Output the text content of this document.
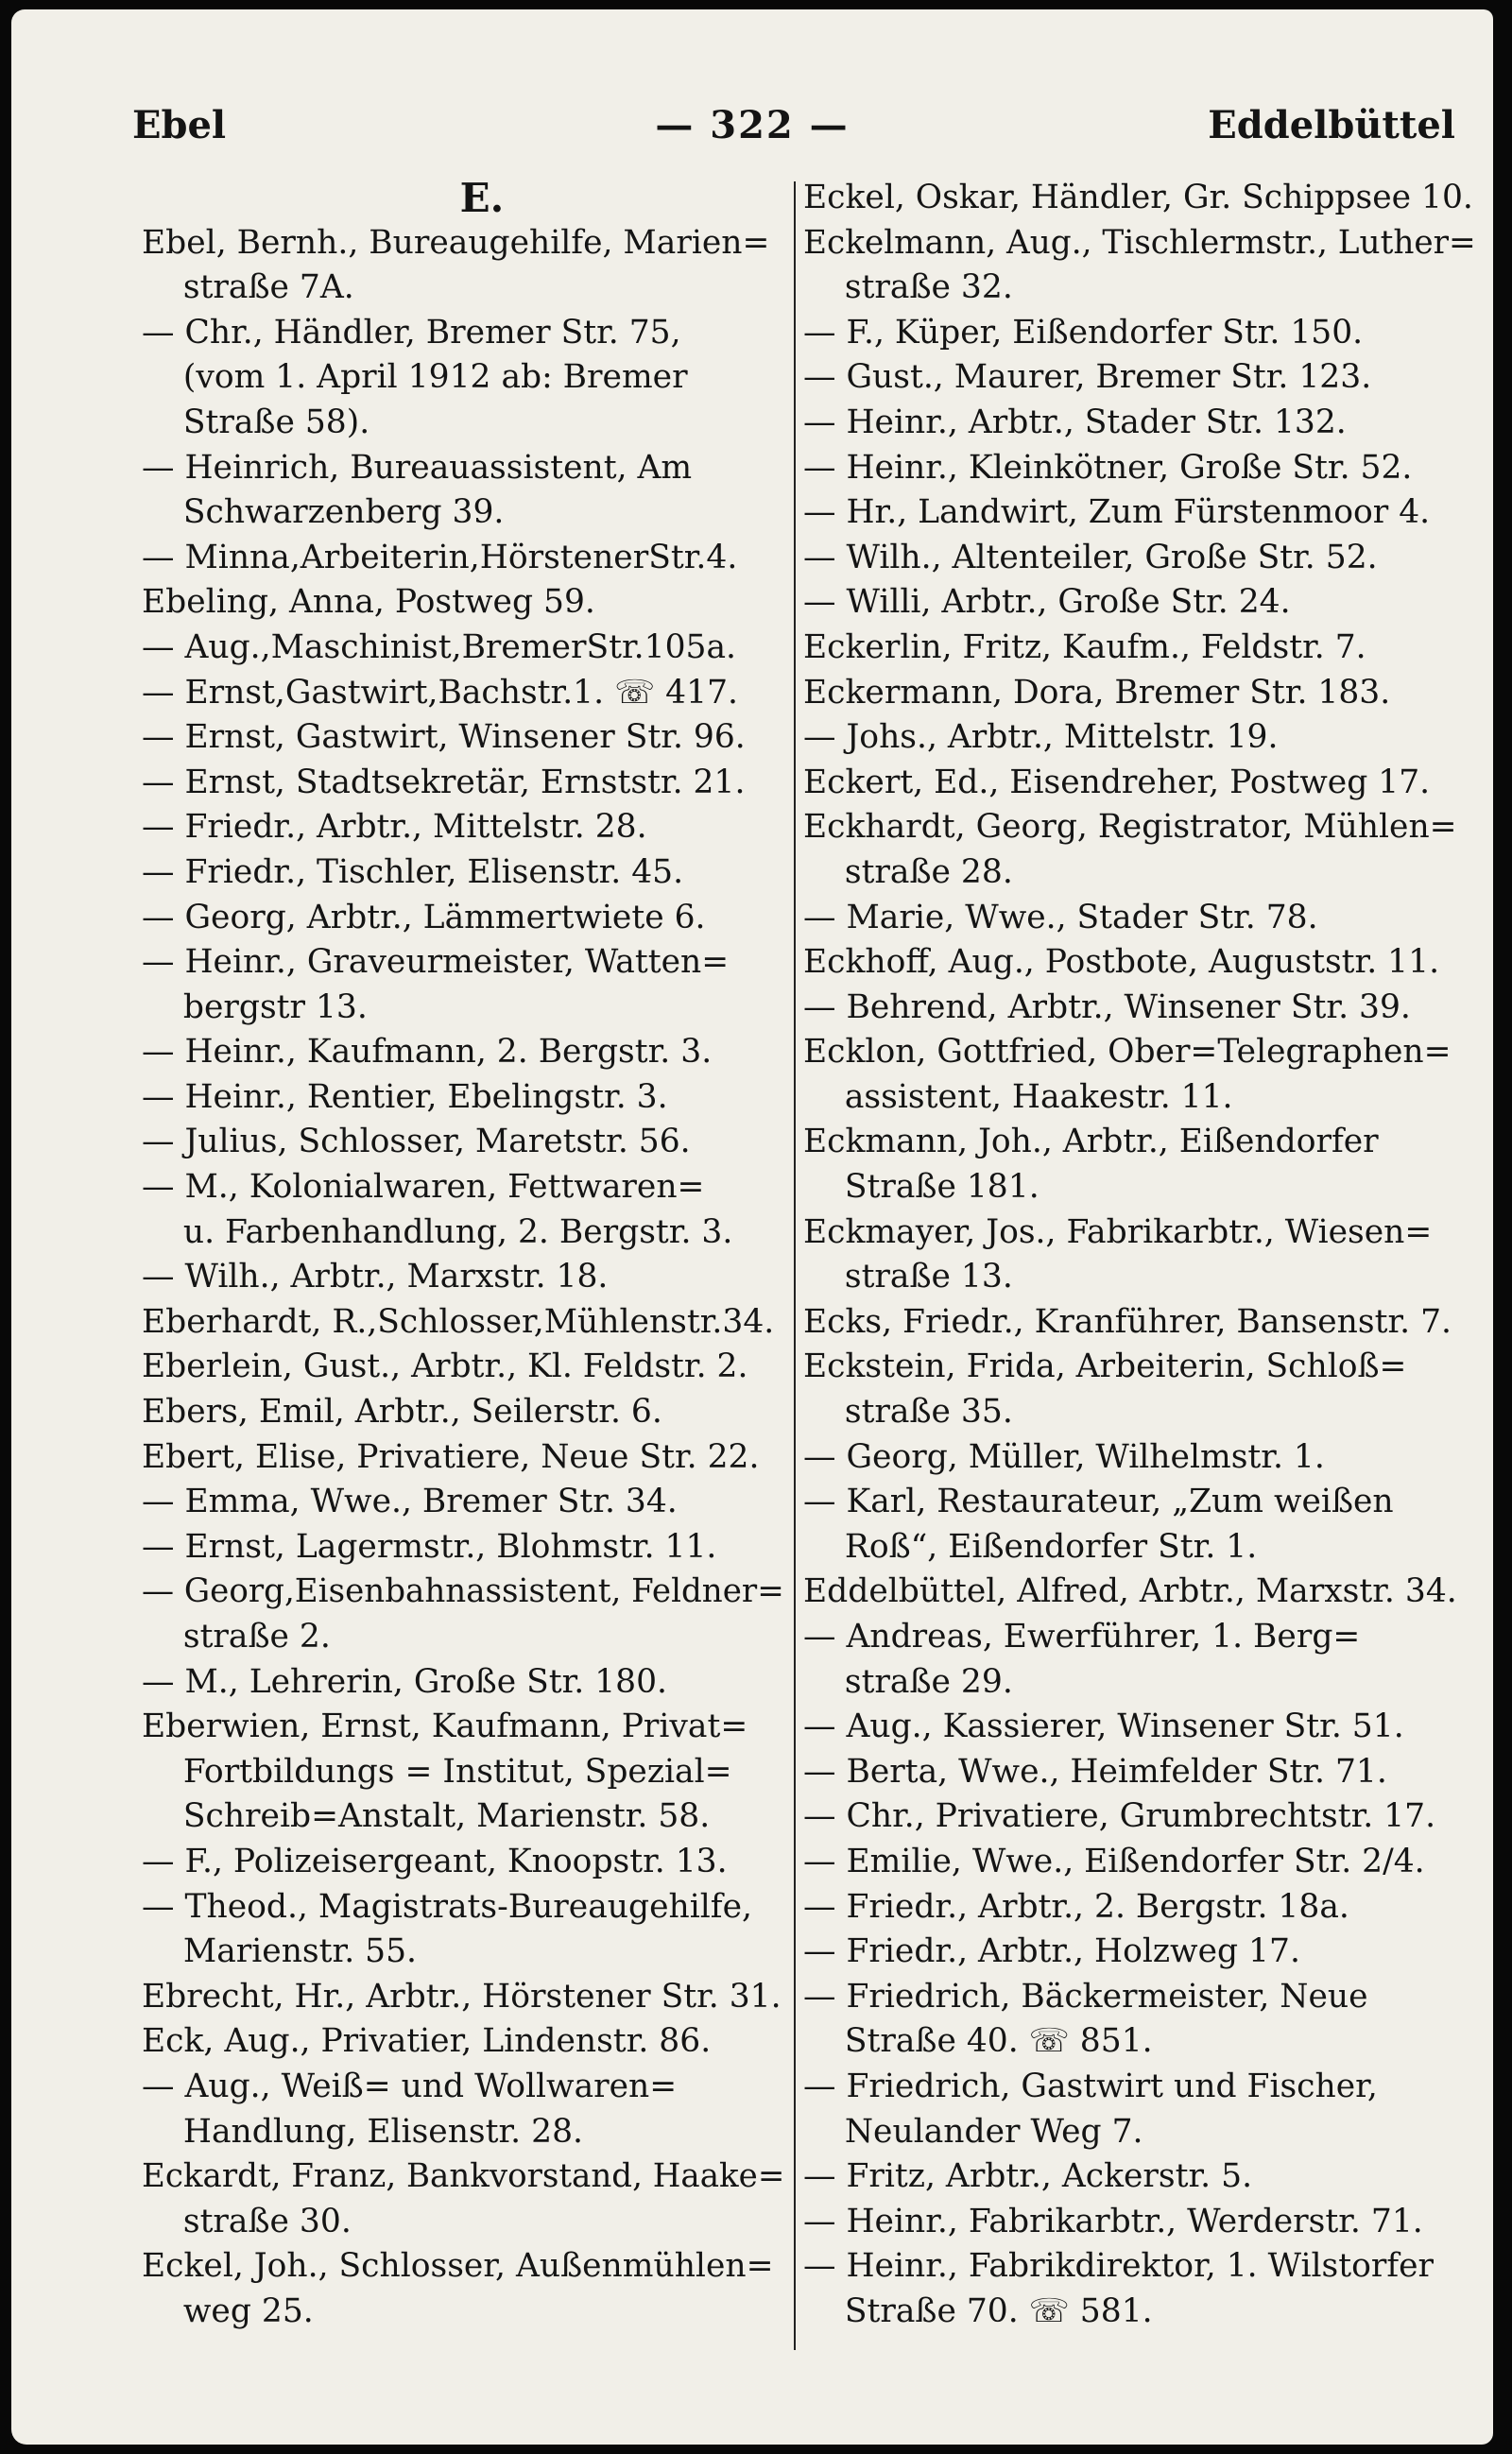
Ebel	— 322 —	Eddelbüttel
E.
Ebel, Bernh., Bureaugehilfe, Marien=
straße 7A.
— Chr., Händler, Bremer Str. 75,
(vom 1. April 1912 ab: Bremer
Straße 58).
— Heinrich, Bureauassistent, Am
Schwarzenberg 39.
— Minna,Arbeiterin,HörstenerStr.4.
Ebeling, Anna, Postweg 59.
— Aug.,Maschinist,BremerStr.105a.
— Ernst,Gastwirt,Bachstr.1. ☏ 417.
— Ernst, Gastwirt, Winsener Str. 96.
— Ernst, Stadtsekretär, Ernststr. 21.
— Friedr., Arbtr., Mittelstr. 28.
— Friedr., Tischler, Elisenstr. 45.
— Georg, Arbtr., Lämmertwiete 6.
— Heinr., Graveurmeister, Watten=
bergstr 13.
— Heinr., Kaufmann, 2. Bergstr. 3.
— Heinr., Rentier, Ebelingstr. 3.
— Julius, Schlosser, Maretstr. 56.
— M., Kolonialwaren, Fettwaren=
u. Farbenhandlung, 2. Bergstr. 3.
— Wilh., Arbtr., Marxstr. 18.
Eberhardt, R.,Schlosser,Mühlenstr.34.
Eberlein, Gust., Arbtr., Kl. Feldstr. 2.
Ebers, Emil, Arbtr., Seilerstr. 6.
Ebert, Elise, Privatiere, Neue Str. 22.
— Emma, Wwe., Bremer Str. 34.
— Ernst, Lagermstr., Blohmstr. 11.
— Georg,Eisenbahnassistent, Feldner=
straße 2.
— M., Lehrerin, Große Str. 180.
Eberwien, Ernst, Kaufmann, Privat=
Fortbildungs = Institut, Spezial=
Schreib=Anstalt, Marienstr. 58.
— F., Polizeisergeant, Knoopstr. 13.
— Theod., Magistrats-Bureaugehilfe,
Marienstr. 55.
Ebrecht, Hr., Arbtr., Hörstener Str. 31.
Eck, Aug., Privatier, Lindenstr. 86.
— Aug., Weiß= und Wollwaren=
Handlung, Elisenstr. 28.
Eckardt, Franz, Bankvorstand, Haake=
straße 30.
Eckel, Joh., Schlosser, Außenmühlen=
weg 25.
Eckel, Oskar, Händler, Gr. Schippsee 10.
Eckelmann, Aug., Tischlermstr., Luther=
straße 32.
— F., Küper, Eißendorfer Str. 150.
— Gust., Maurer, Bremer Str. 123.
— Heinr., Arbtr., Stader Str. 132.
— Heinr., Kleinkötner, Große Str. 52.
— Hr., Landwirt, Zum Fürstenmoor 4.
— Wilh., Altenteiler, Große Str. 52.
— Willi, Arbtr., Große Str. 24.
Eckerlin, Fritz, Kaufm., Feldstr. 7.
Eckermann, Dora, Bremer Str. 183.
— Johs., Arbtr., Mittelstr. 19.
Eckert, Ed., Eisendreher, Postweg 17.
Eckhardt, Georg, Registrator, Mühlen=
straße 28.
— Marie, Wwe., Stader Str. 78.
Eckhoff, Aug., Postbote, Auguststr. 11.
— Behrend, Arbtr., Winsener Str. 39.
Ecklon, Gottfried, Ober=Telegraphen=
assistent, Haakestr. 11.
Eckmann, Joh., Arbtr., Eißendorfer
Straße 181.
Eckmayer, Jos., Fabrikarbtr., Wiesen=
straße 13.
Ecks, Friedr., Kranführer, Bansenstr. 7.
Eckstein, Frida, Arbeiterin, Schloß=
straße 35.
— Georg, Müller, Wilhelmstr. 1.
— Karl, Restaurateur, „Zum weißen
Roß“, Eißendorfer Str. 1.
Eddelbüttel, Alfred, Arbtr., Marxstr. 34.
— Andreas, Ewerführer, 1. Berg=
straße 29.
— Aug., Kassierer, Winsener Str. 51.
— Berta, Wwe., Heimfelder Str. 71.
— Chr., Privatiere, Grumbrechtstr. 17.
— Emilie, Wwe., Eißendorfer Str. 2/4.
— Friedr., Arbtr., 2. Bergstr. 18a.
— Friedr., Arbtr., Holzweg 17.
— Friedrich, Bäckermeister, Neue
Straße 40. ☏ 851.
— Friedrich, Gastwirt und Fischer,
Neulander Weg 7.
— Fritz, Arbtr., Ackerstr. 5.
— Heinr., Fabrikarbtr., Werderstr. 71.
— Heinr., Fabrikdirektor, 1. Wilstorfer
Straße 70. ☏ 581.
